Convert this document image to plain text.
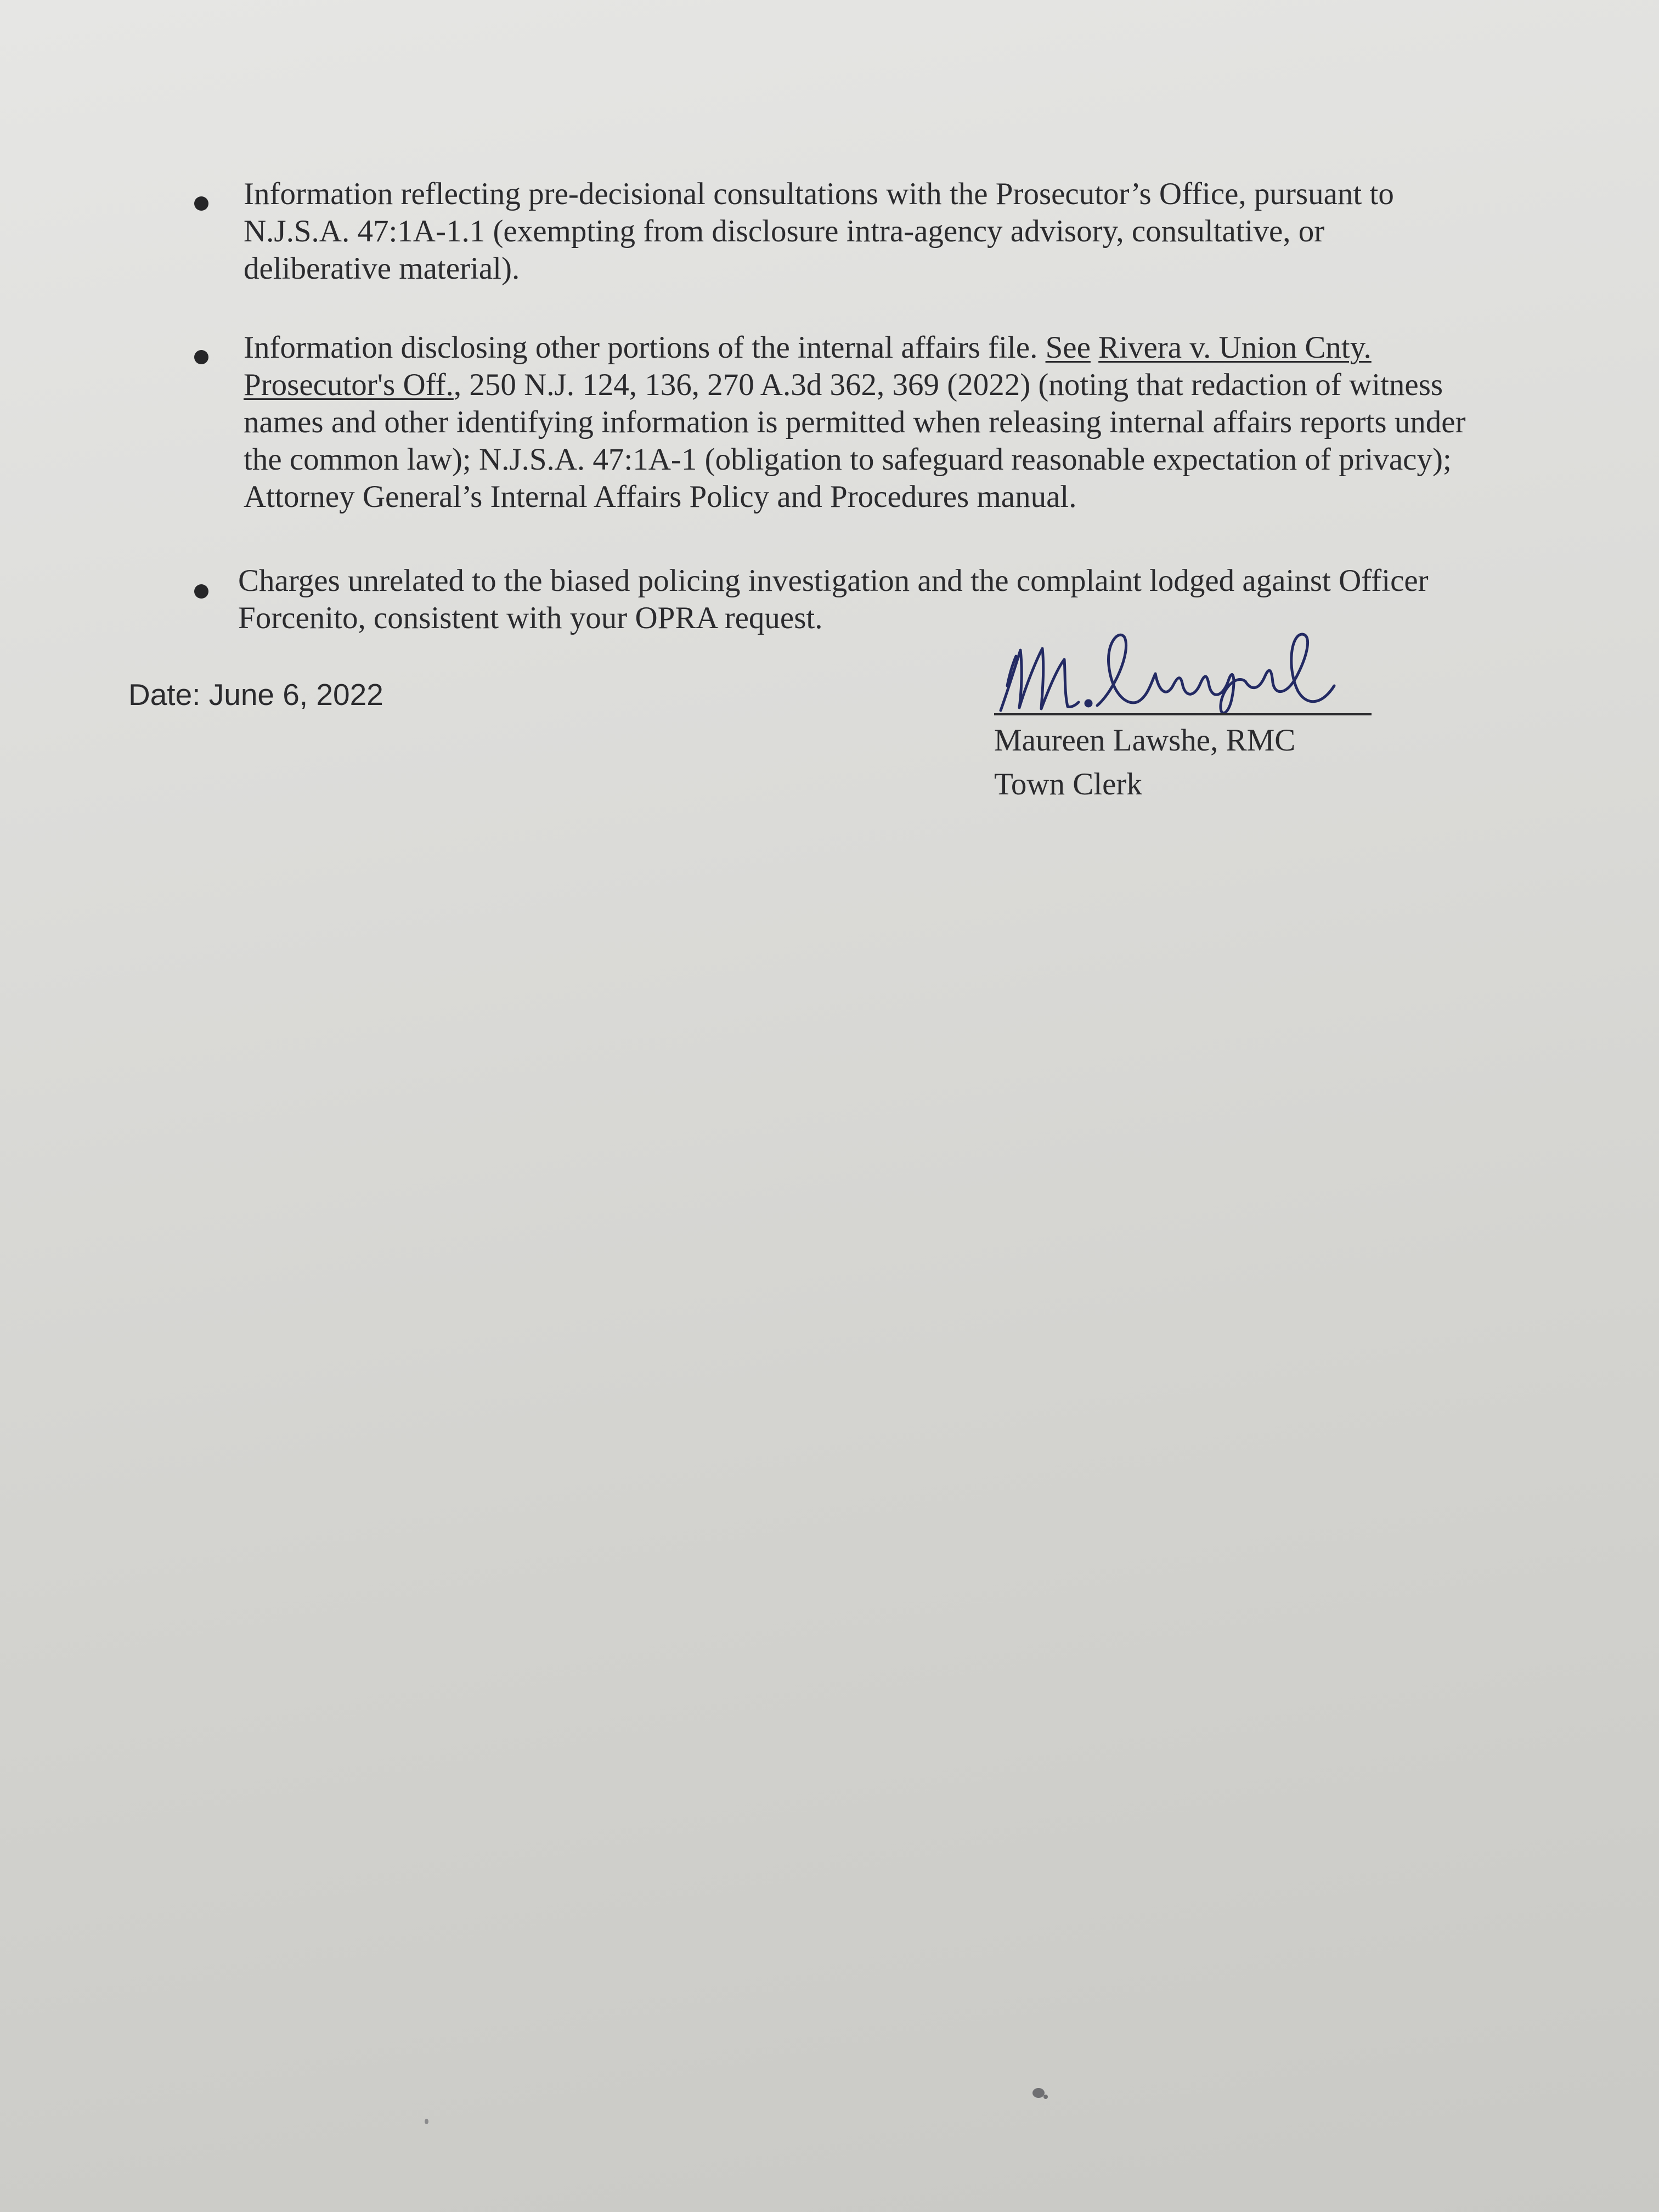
Information reflecting pre-decisional consultations with the Prosecutor’s Office, pursuant to
N.J.S.A. 47:1A-1.1 (exempting from disclosure intra-agency advisory, consultative, or
deliberative material).
Information disclosing other portions of the internal affairs file. See Rivera v. Union Cnty.
Prosecutor's Off., 250 N.J. 124, 136, 270 A.3d 362, 369 (2022) (noting that redaction of witness
names and other identifying information is permitted when releasing internal affairs reports under
the common law); N.J.S.A. 47:1A-1 (obligation to safeguard reasonable expectation of privacy);
Attorney General’s Internal Affairs Policy and Procedures manual.
Charges unrelated to the biased policing investigation and the complaint lodged against Officer
Forcenito, consistent with your OPRA request.
Date: June 6, 2022
Maureen Lawshe, RMC
Town Clerk
